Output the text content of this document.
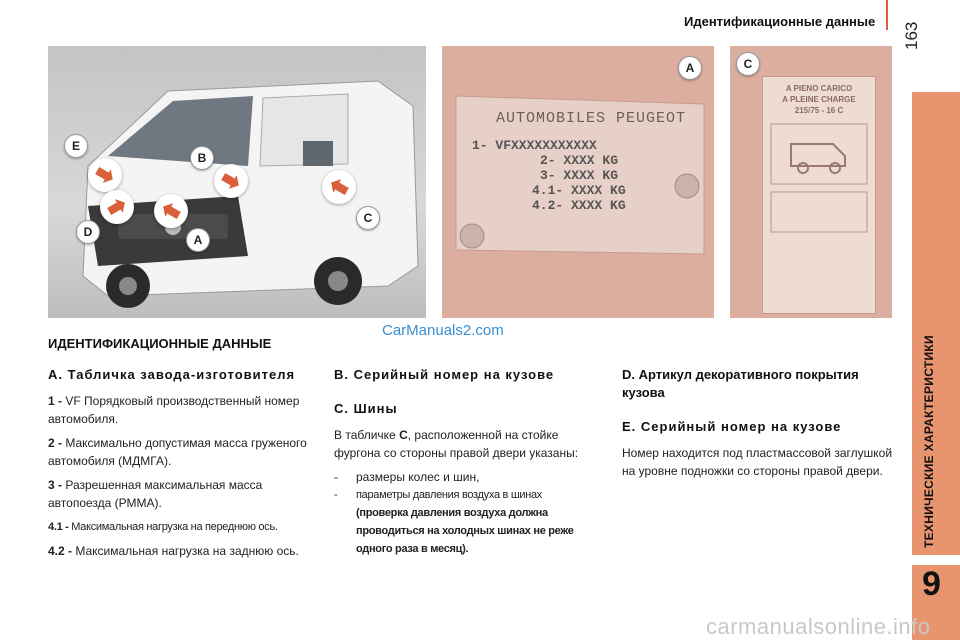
Идентификационные данные
163
ТЕХНИЧЕСКИЕ ХАРАКТЕРИСТИКИ
9
E
B
D
A
C
AUTOMOBILES PEUGEOT
1- VFXXXXXXXXXXX
2- XXXX KG
3- XXXX KG
4.1- XXXX KG
4.2- XXXX KG
A
A PIENO CARICO
A PLEINE CHARGE
215/75 - 16 C
C
CarManuals2.com
ИДЕНТИФИКАЦИОННЫЕ ДАННЫЕ
A. Табличка завода-изготовителя
1 - VF Порядковый производственный номер автомобиля.
2 - Максимально допустимая масса груженого автомобиля (МДМГА).
3 - Разрешенная максимальная масса автопоезда (РММА).
4.1 - Максимальная нагрузка на переднюю ось.
4.2 - Максимальная нагрузка на заднюю ось.
B. Серийный номер на кузове
C. Шины
В табличке C, расположенной на стойке фургона со стороны правой двери указаны:
-	размеры колес и шин,
-	параметры давления воздуха в шинах
(проверка давления воздуха должна проводиться на холодных шинах не реже одного раза в месяц).
D. Артикул декоративного покрытия кузова
E. Серийный номер на кузове
Номер находится под пластмассовой заглушкой на уровне подножки со стороны правой двери.
carmanualsonline.info
